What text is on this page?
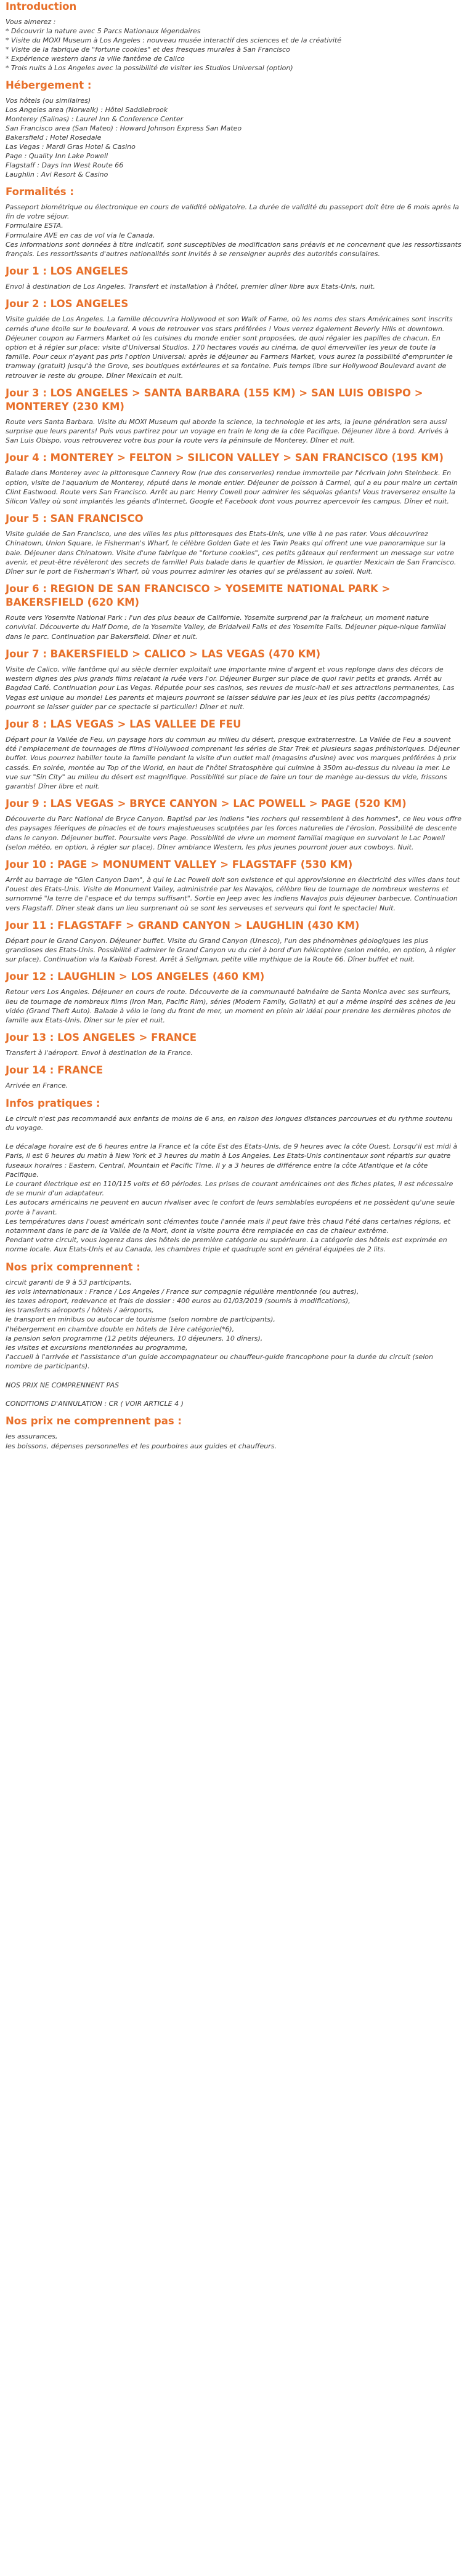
Introduction
Vous aimerez :
* Découvrir la nature avec 5 Parcs Nationaux légendaires
* Visite du MOXI Museum à Los Angeles : nouveau musée interactif des sciences et de la créativité
* Visite de la fabrique de "fortune cookies" et des fresques murales à San Francisco
* Expérience western dans la ville fantôme de Calico
* Trois nuits à Los Angeles avec la possibilité de visiter les Studios Universal (option)
Hébergement :
Vos hôtels (ou similaires)
Los Angeles area (Norwalk) : Hôtel Saddlebrook
Monterey (Salinas) : Laurel Inn & Conference Center
San Francisco area (San Mateo) : Howard Johnson Express San Mateo
Bakersfield : Hotel Rosedale
Las Vegas : Mardi Gras Hotel & Casino
Page : Quality Inn Lake Powell
Flagstaff : Days Inn West Route 66
Laughlin : Avi Resort & Casino
Formalités :
Passeport biométrique ou électronique en cours de validité obligatoire. La durée de validité du passeport doit être de 6 mois après la fin de votre séjour.
Formulaire ESTA.
Formulaire AVE en cas de vol via le Canada.
Ces informations sont données à titre indicatif, sont susceptibles de modification sans préavis et ne concernent que les ressortissants français. Les ressortissants d'autres nationalités sont invités à se renseigner auprès des autorités consulaires.
Jour 1 : LOS ANGELES
Envol à destination de Los Angeles. Transfert et installation à l'hôtel, premier dîner libre aux Etats-Unis, nuit.
Jour 2 : LOS ANGELES
Visite guidée de Los Angeles. La famille découvrira Hollywood et son Walk of Fame, où les noms des stars Américaines sont inscrits cernés d'une étoile sur le boulevard. A vous de retrouver vos stars préférées ! Vous verrez également Beverly Hills et downtown. Déjeuner coupon au Farmers Market où les cuisines du monde entier sont proposées, de quoi régaler les papilles de chacun. En option et à régler sur place: visite d'Universal Studios. 170 hectares voués au cinéma, de quoi émerveiller les yeux de toute la famille. Pour ceux n'ayant pas pris l'option Universal: après le déjeuner au Farmers Market, vous aurez la possibilité d'emprunter le tramway (gratuit) jusqu'à the Grove, ses boutiques extérieures et sa fontaine. Puis temps libre sur Hollywood Boulevard avant de retrouver le reste du groupe. Dîner Mexicain et nuit.
Jour 3 : LOS ANGELES > SANTA BARBARA (155 KM) > SAN LUIS OBISPO > MONTEREY (230 KM)
Route vers Santa Barbara. Visite du MOXI Museum qui aborde la science, la technologie et les arts, la jeune génération sera aussi surprise que leurs parents! Puis vous partirez pour un voyage en train le long de la côte Pacifique. Déjeuner libre à bord. Arrivés à San Luis Obispo, vous retrouverez votre bus pour la route vers la péninsule de Monterey. Dîner et nuit.
Jour 4 : MONTEREY > FELTON > SILICON VALLEY > SAN FRANCISCO (195 KM)
Balade dans Monterey avec la pittoresque Cannery Row (rue des conserveries) rendue immortelle par l'écrivain John Steinbeck. En option, visite de l'aquarium de Monterey, réputé dans le monde entier. Déjeuner de poisson à Carmel, qui a eu pour maire un certain Clint Eastwood. Route vers San Francisco. Arrêt au parc Henry Cowell pour admirer les séquoias géants! Vous traverserez ensuite la Silicon Valley où sont implantés les géants d'Internet, Google et Facebook dont vous pourrez apercevoir les campus. Dîner et nuit.
Jour 5 : SAN FRANCISCO
Visite guidée de San Francisco, une des villes les plus pittoresques des Etats-Unis, une ville à ne pas rater. Vous découvrirez Chinatown, Union Square, le Fisherman's Wharf, le célèbre Golden Gate et les Twin Peaks qui offrent une vue panoramique sur la baie. Déjeuner dans Chinatown. Visite d'une fabrique de "fortune cookies", ces petits gâteaux qui renferment un message sur votre avenir, et peut-être révèleront des secrets de famille! Puis balade dans le quartier de Mission, le quartier Mexicain de San Francisco. Dîner sur le port de Fisherman's Wharf, où vous pourrez admirer les otaries qui se prélassent au soleil. Nuit.
Jour 6 : REGION DE SAN FRANCISCO > YOSEMITE NATIONAL PARK > BAKERSFIELD (620 KM)
Route vers Yosemite National Park : l'un des plus beaux de Californie. Yosemite surprend par la fraîcheur, un moment nature convivial. Découverte du Half Dome, de la Yosemite Valley, de Bridalveil Falls et des Yosemite Falls. Déjeuner pique-nique familial dans le parc. Continuation par Bakersfield. Dîner et nuit.
Jour 7 : BAKERSFIELD > CALICO > LAS VEGAS (470 KM)
Visite de Calico, ville fantôme qui au siècle dernier exploitait une importante mine d'argent et vous replonge dans des décors de western dignes des plus grands films relatant la ruée vers l'or. Déjeuner Burger sur place de quoi ravir petits et grands. Arrêt au Bagdad Café. Continuation pour Las Vegas. Réputée pour ses casinos, ses revues de music-hall et ses attractions permanentes, Las Vegas est unique au monde! Les parents et majeurs pourront se laisser séduire par les jeux et les plus petits (accompagnés) pourront se laisser guider par ce spectacle si particulier! Dîner et nuit.
Jour 8 : LAS VEGAS > LAS VALLEE DE FEU
Départ pour la Vallée de Feu, un paysage hors du commun au milieu du désert, presque extraterrestre. La Vallée de Feu a souvent été l'emplacement de tournages de films d'Hollywood comprenant les séries de Star Trek et plusieurs sagas préhistoriques. Déjeuner buffet. Vous pourrez habiller toute la famille pendant la visite d'un outlet mall (magasins d'usine) avec vos marques préférées à prix cassés. En soirée, montée au Top of the World, en haut de l'hôtel Stratosphère qui culmine à 350m au-dessus du niveau la mer. Le vue sur "Sin City" au milieu du désert est magnifique. Possibilité sur place de faire un tour de manège au-dessus du vide, frissons garantis! Dîner libre et nuit.
Jour 9 : LAS VEGAS > BRYCE CANYON > LAC POWELL > PAGE (520 KM)
Découverte du Parc National de Bryce Canyon. Baptisé par les indiens "les rochers qui ressemblent à des hommes", ce lieu vous offre des paysages féeriques de pinacles et de tours majestueuses sculptées par les forces naturelles de l'érosion. Possibilité de descente dans le canyon. Déjeuner buffet. Poursuite vers Page. Possibilité de vivre un moment familial magique en survolant le Lac Powell (selon météo, en option, à régler sur place). Dîner ambiance Western, les plus jeunes pourront jouer aux cowboys. Nuit.
Jour 10 : PAGE > MONUMENT VALLEY > FLAGSTAFF (530 KM)
Arrêt au barrage de "Glen Canyon Dam", à qui le Lac Powell doit son existence et qui approvisionne en électricité des villes dans tout l'ouest des Etats-Unis. Visite de Monument Valley, administrée par les Navajos, célèbre lieu de tournage de nombreux westerns et surnommé "la terre de l'espace et du temps suffisant". Sortie en Jeep avec les indiens Navajos puis déjeuner barbecue. Continuation vers Flagstaff. Dîner steak dans un lieu surprenant où se sont les serveuses et serveurs qui font le spectacle! Nuit.
Jour 11 : FLAGSTAFF > GRAND CANYON > LAUGHLIN (430 KM)
Départ pour le Grand Canyon. Déjeuner buffet. Visite du Grand Canyon (Unesco), l'un des phénomènes géologiques les plus grandioses des Etats-Unis. Possibilité d'admirer le Grand Canyon vu du ciel à bord d'un hélicoptère (selon météo, en option, à régler sur place). Continuation via la Kaibab Forest. Arrêt à Seligman, petite ville mythique de la Route 66. Dîner buffet et nuit.
Jour 12 : LAUGHLIN > LOS ANGELES (460 KM)
Retour vers Los Angeles. Déjeuner en cours de route. Découverte de la communauté balnéaire de Santa Monica avec ses surfeurs, lieu de tournage de nombreux films (Iron Man, Pacific Rim), séries (Modern Family, Goliath) et qui a même inspiré des scènes de jeu vidéo (Grand Theft Auto). Balade à vélo le long du front de mer, un moment en plein air idéal pour prendre les dernières photos de famille aux Etats-Unis. Dîner sur le pier et nuit.
Jour 13 : LOS ANGELES > FRANCE
Transfert à l'aéroport. Envol à destination de la France.
Jour 14 : FRANCE
Arrivée en France.
Infos pratiques :
Le circuit n'est pas recommandé aux enfants de moins de 6 ans, en raison des longues distances parcourues et du rythme soutenu du voyage.

Le décalage horaire est de 6 heures entre la France et la côte Est des Etats-Unis, de 9 heures avec la côte Ouest. Lorsqu'il est midi à Paris, il est 6 heures du matin à New York et 3 heures du matin à Los Angeles. Les Etats-Unis continentaux sont répartis sur quatre fuseaux horaires : Eastern, Central, Mountain et Pacific Time. Il y a 3 heures de différence entre la côte Atlantique et la côte Pacifique.
Le courant électrique est en 110/115 volts et 60 périodes. Les prises de courant américaines ont des fiches plates, il est nécessaire de se munir d'un adaptateur.
Les autocars américains ne peuvent en aucun rivaliser avec le confort de leurs semblables européens et ne possèdent qu'une seule porte à l'avant.
Les températures dans l'ouest américain sont clémentes toute l'année mais il peut faire très chaud l'été dans certaines régions, et notamment dans le parc de la Vallée de la Mort, dont la visite pourra être remplacée en cas de chaleur extrême.
Pendant votre circuit, vous logerez dans des hôtels de première catégorie ou supérieure. La catégorie des hôtels est exprimée en norme locale. Aux Etats-Unis et au Canada, les chambres triple et quadruple sont en général équipées de 2 lits.
Nos prix comprennent :
circuit garanti de 9 à 53 participants,
les vols internationaux : France / Los Angeles / France sur compagnie régulière mentionnée (ou autres),
les taxes aéroport, redevance et frais de dossier : 400 euros au 01/03/2019 (soumis à modifications),
les transferts aéroports / hôtels / aéroports,
le transport en minibus ou autocar de tourisme (selon nombre de participants),
l'hébergement en chambre double en hôtels de 1ère catégorie(*6),
la pension selon programme (12 petits déjeuners, 10 déjeuners, 10 dîners),
les visites et excursions mentionnées au programme,
l'accueil à l'arrivée et l'assistance d'un guide accompagnateur ou chauffeur-guide francophone pour la durée du circuit (selon nombre de participants).

NOS PRIX NE COMPRENNENT PAS

CONDITIONS D'ANNULATION : CR ( VOIR ARTICLE 4 )
Nos prix ne comprennent pas :
les assurances,
les boissons, dépenses personnelles et les pourboires aux guides et chauffeurs.
